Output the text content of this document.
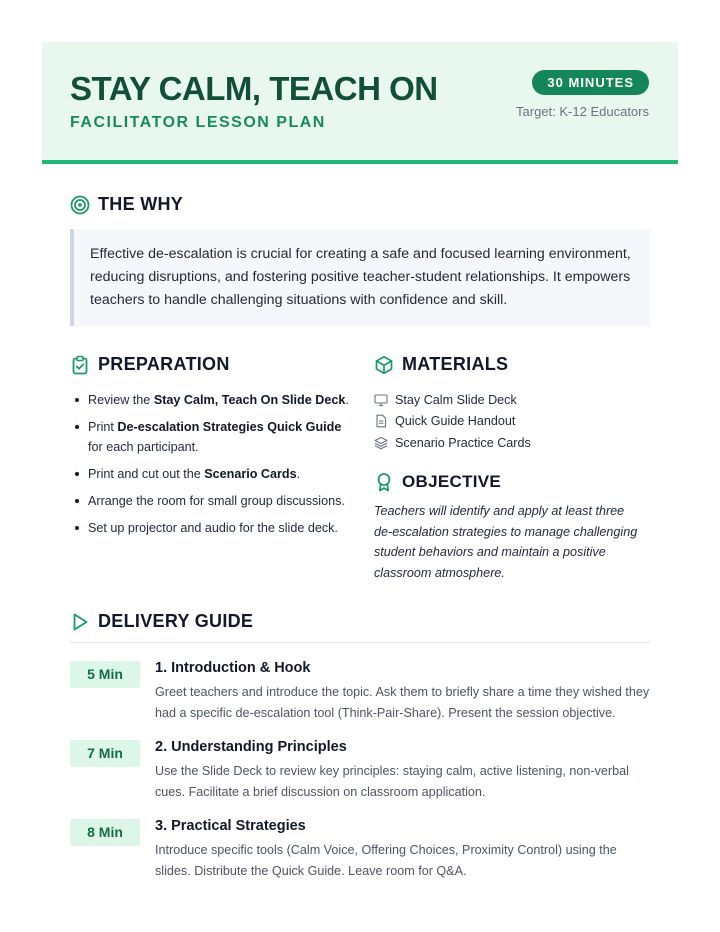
STAY CALM, TEACH ON
FACILITATOR LESSON PLAN
30 MINUTES
Target: K-12 Educators
THE WHY
Effective de-escalation is crucial for creating a safe and focused learning environment, reducing disruptions, and fostering positive teacher-student relationships. It empowers teachers to handle challenging situations with confidence and skill.
PREPARATION
Review the Stay Calm, Teach On Slide Deck.
Print De-escalation Strategies Quick Guide for each participant.
Print and cut out the Scenario Cards.
Arrange the room for small group discussions.
Set up projector and audio for the slide deck.
MATERIALS
Stay Calm Slide Deck
Quick Guide Handout
Scenario Practice Cards
OBJECTIVE
Teachers will identify and apply at least three de-escalation strategies to manage challenging student behaviors and maintain a positive classroom atmosphere.
DELIVERY GUIDE
5 Min	1. Introduction & Hook
Greet teachers and introduce the topic. Ask them to briefly share a time they wished they had a specific de-escalation tool (Think-Pair-Share). Present the session objective.
7 Min	2. Understanding Principles
Use the Slide Deck to review key principles: staying calm, active listening, non-verbal cues. Facilitate a brief discussion on classroom application.
8 Min	3. Practical Strategies
Introduce specific tools (Calm Voice, Offering Choices, Proximity Control) using the slides. Distribute the Quick Guide. Leave room for Q&A.
